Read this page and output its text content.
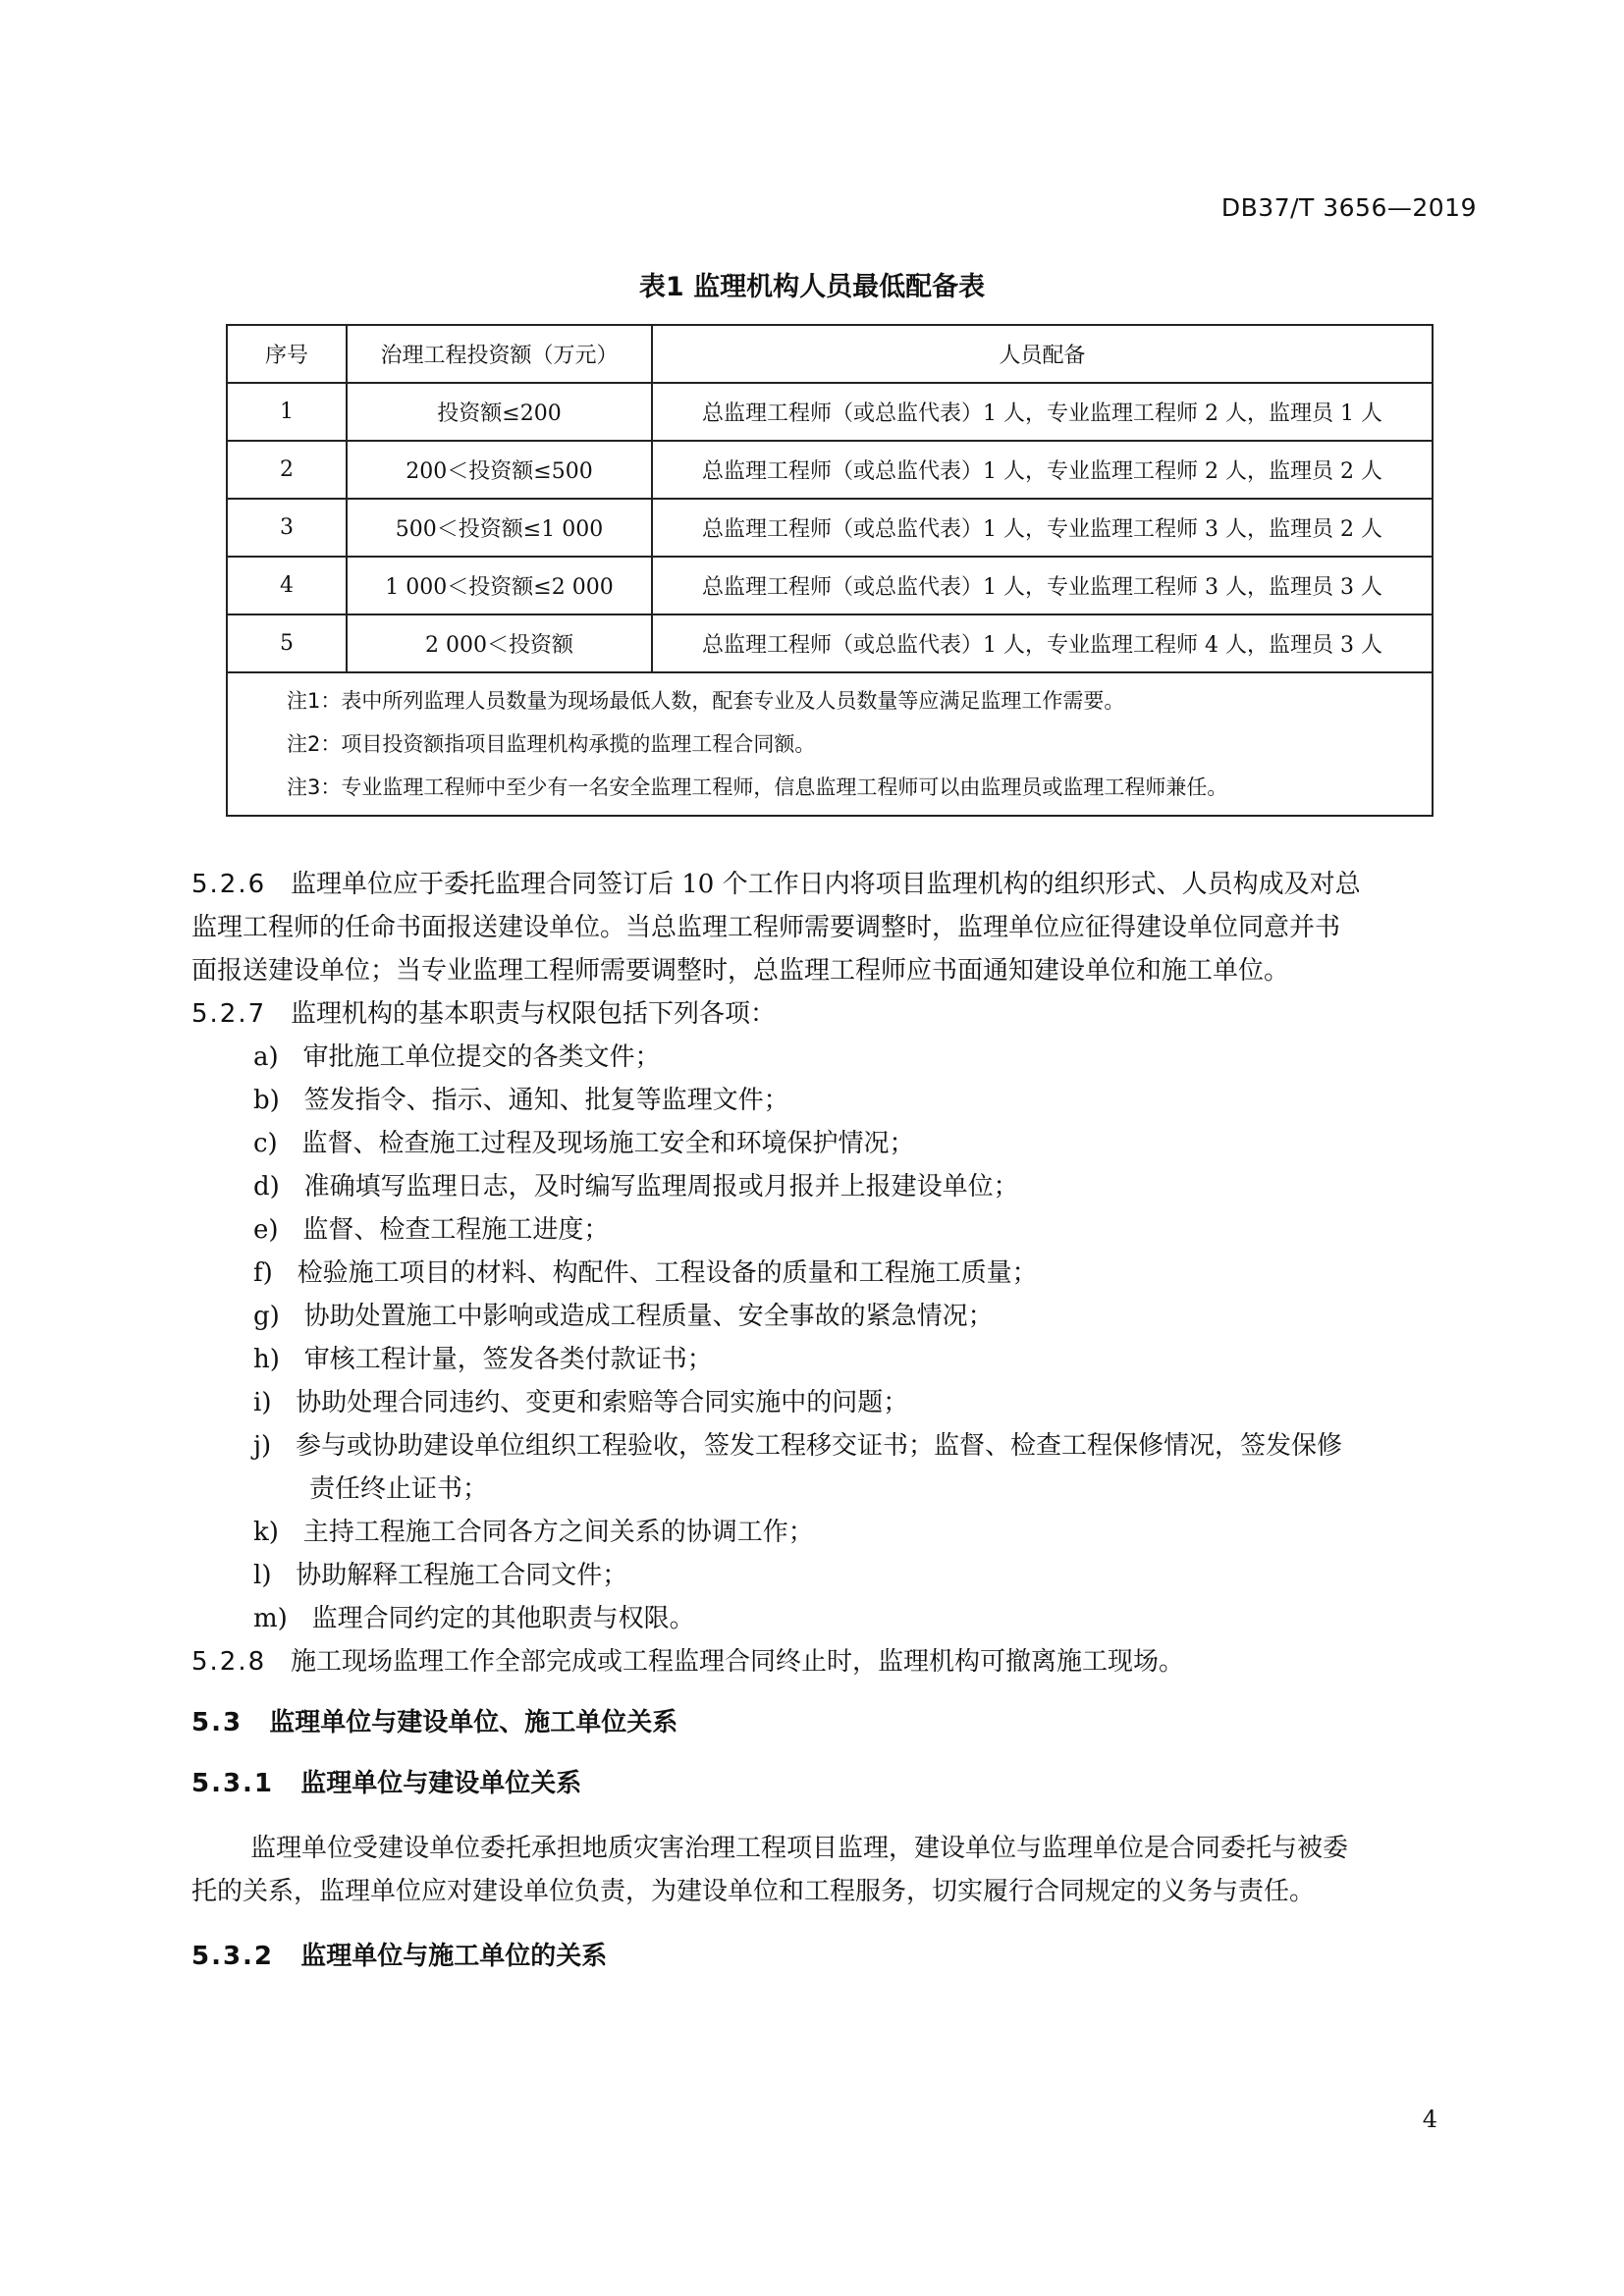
DB37/T 3656—2019
表1 监理机构人员最低配备表
序号	治理工程投资额（万元）	人员配备
1	投资额≤200	总监理工程师（或总监代表）1 人，专业监理工程师 2 人，监理员 1 人
2	200＜投资额≤500	总监理工程师（或总监代表）1 人，专业监理工程师 2 人，监理员 2 人
3	500＜投资额≤1 000	总监理工程师（或总监代表）1 人，专业监理工程师 3 人，监理员 2 人
4	1 000＜投资额≤2 000	总监理工程师（或总监代表）1 人，专业监理工程师 3 人，监理员 3 人
5	2 000＜投资额	总监理工程师（或总监代表）1 人，专业监理工程师 4 人，监理员 3 人

注1：表中所列监理人员数量为现场最低人数，配套专业及人员数量等应满足监理工作需要。
注2：项目投资额指项目监理机构承揽的监理工程合同额。
注3：专业监理工程师中至少有一名安全监理工程师，信息监理工程师可以由监理员或监理工程师兼任。		
5.2.6 监理单位应于委托监理合同签订后 10 个工作日内将项目监理机构的组织形式、人员构成及对总
监理工程师的任命书面报送建设单位。当总监理工程师需要调整时，监理单位应征得建设单位同意并书
面报送建设单位；当专业监理工程师需要调整时，总监理工程师应书面通知建设单位和施工单位。
5.2.7 监理机构的基本职责与权限包括下列各项：
a) 审批施工单位提交的各类文件；
b) 签发指令、指示、通知、批复等监理文件；
c) 监督、检查施工过程及现场施工安全和环境保护情况；
d) 准确填写监理日志，及时编写监理周报或月报并上报建设单位；
e) 监督、检查工程施工进度；
f) 检验施工项目的材料、构配件、工程设备的质量和工程施工质量；
g) 协助处置施工中影响或造成工程质量、安全事故的紧急情况；
h) 审核工程计量，签发各类付款证书；
i) 协助处理合同违约、变更和索赔等合同实施中的问题；
j) 参与或协助建设单位组织工程验收，签发工程移交证书；监督、检查工程保修情况，签发保修
责任终止证书；
k) 主持工程施工合同各方之间关系的协调工作；
l) 协助解释工程施工合同文件；
m) 监理合同约定的其他职责与权限。
5.2.8 施工现场监理工作全部完成或工程监理合同终止时，监理机构可撤离施工现场。
5.3 监理单位与建设单位、施工单位关系
5.3.1 监理单位与建设单位关系
监理单位受建设单位委托承担地质灾害治理工程项目监理，建设单位与监理单位是合同委托与被委
托的关系，监理单位应对建设单位负责，为建设单位和工程服务，切实履行合同规定的义务与责任。
5.3.2 监理单位与施工单位的关系
4
